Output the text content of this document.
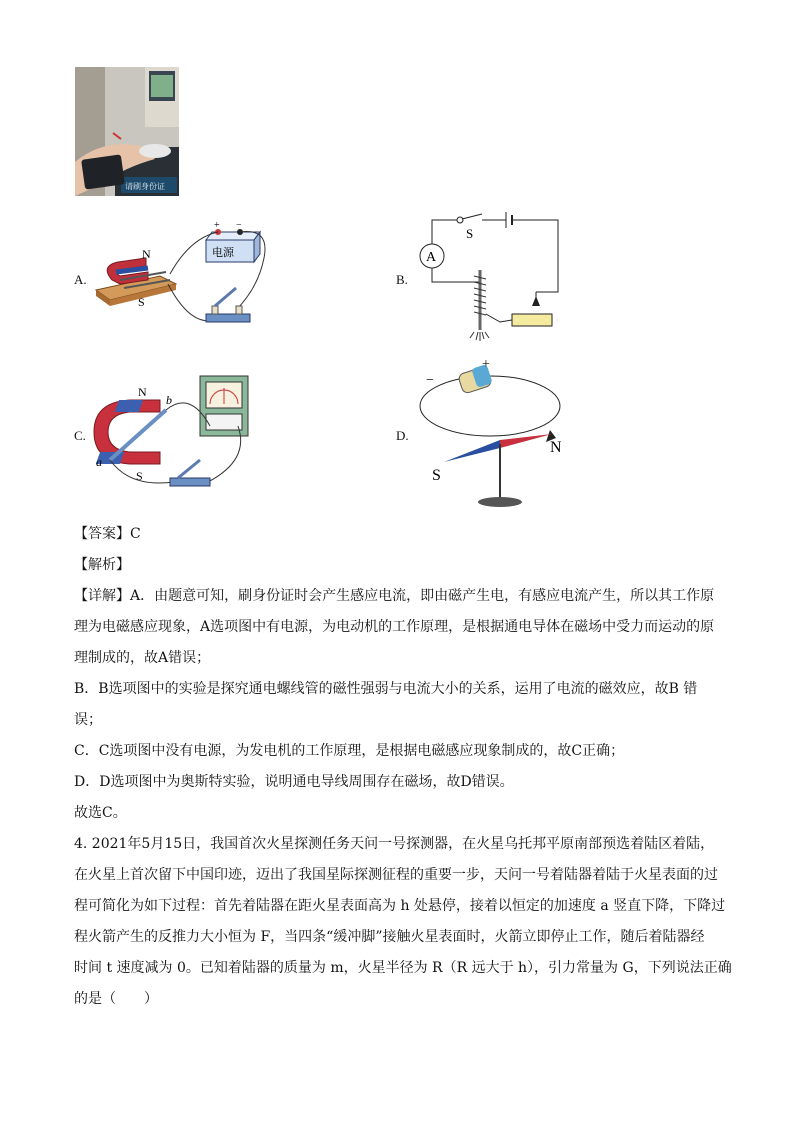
请刷身份证
A.
N
S
+ −
电源
B.
S
A
C.
N
S
a
b
D.
−
+
S
N
【答案】C
【解析】
【详解】A．由题意可知，刷身份证时会产生感应电流，即由磁产生电，有感应电流产生，所以其工作原
理为电磁感应现象，A选项图中有电源，为电动机的工作原理，是根据通电导体在磁场中受力而运动的原
理制成的，故A错误；
B．B选项图中的实验是探究通电螺线管的磁性强弱与电流大小的关系，运用了电流的磁效应，故B 错
误；
C．C选项图中没有电源，为发电机的工作原理，是根据电磁感应现象制成的，故C正确；
D．D选项图中为奥斯特实验，说明通电导线周围存在磁场，故D错误。
故选C。
4. 2021年5月15日，我国首次火星探测任务天问一号探测器，在火星乌托邦平原南部预选着陆区着陆，
在火星上首次留下中国印迹，迈出了我国星际探测征程的重要一步，天问一号着陆器着陆于火星表面的过
程可简化为如下过程：首先着陆器在距火星表面高为 h 处悬停，接着以恒定的加速度 a 竖直下降，下降过
程火箭产生的反推力大小恒为 F，当四条“缓冲脚”接触火星表面时，火箭立即停止工作，随后着陆器经
时间 t 速度减为 0。已知着陆器的质量为 m，火星半径为 R（R 远大于 h），引力常量为 G，下列说法正确
的是（　　）
